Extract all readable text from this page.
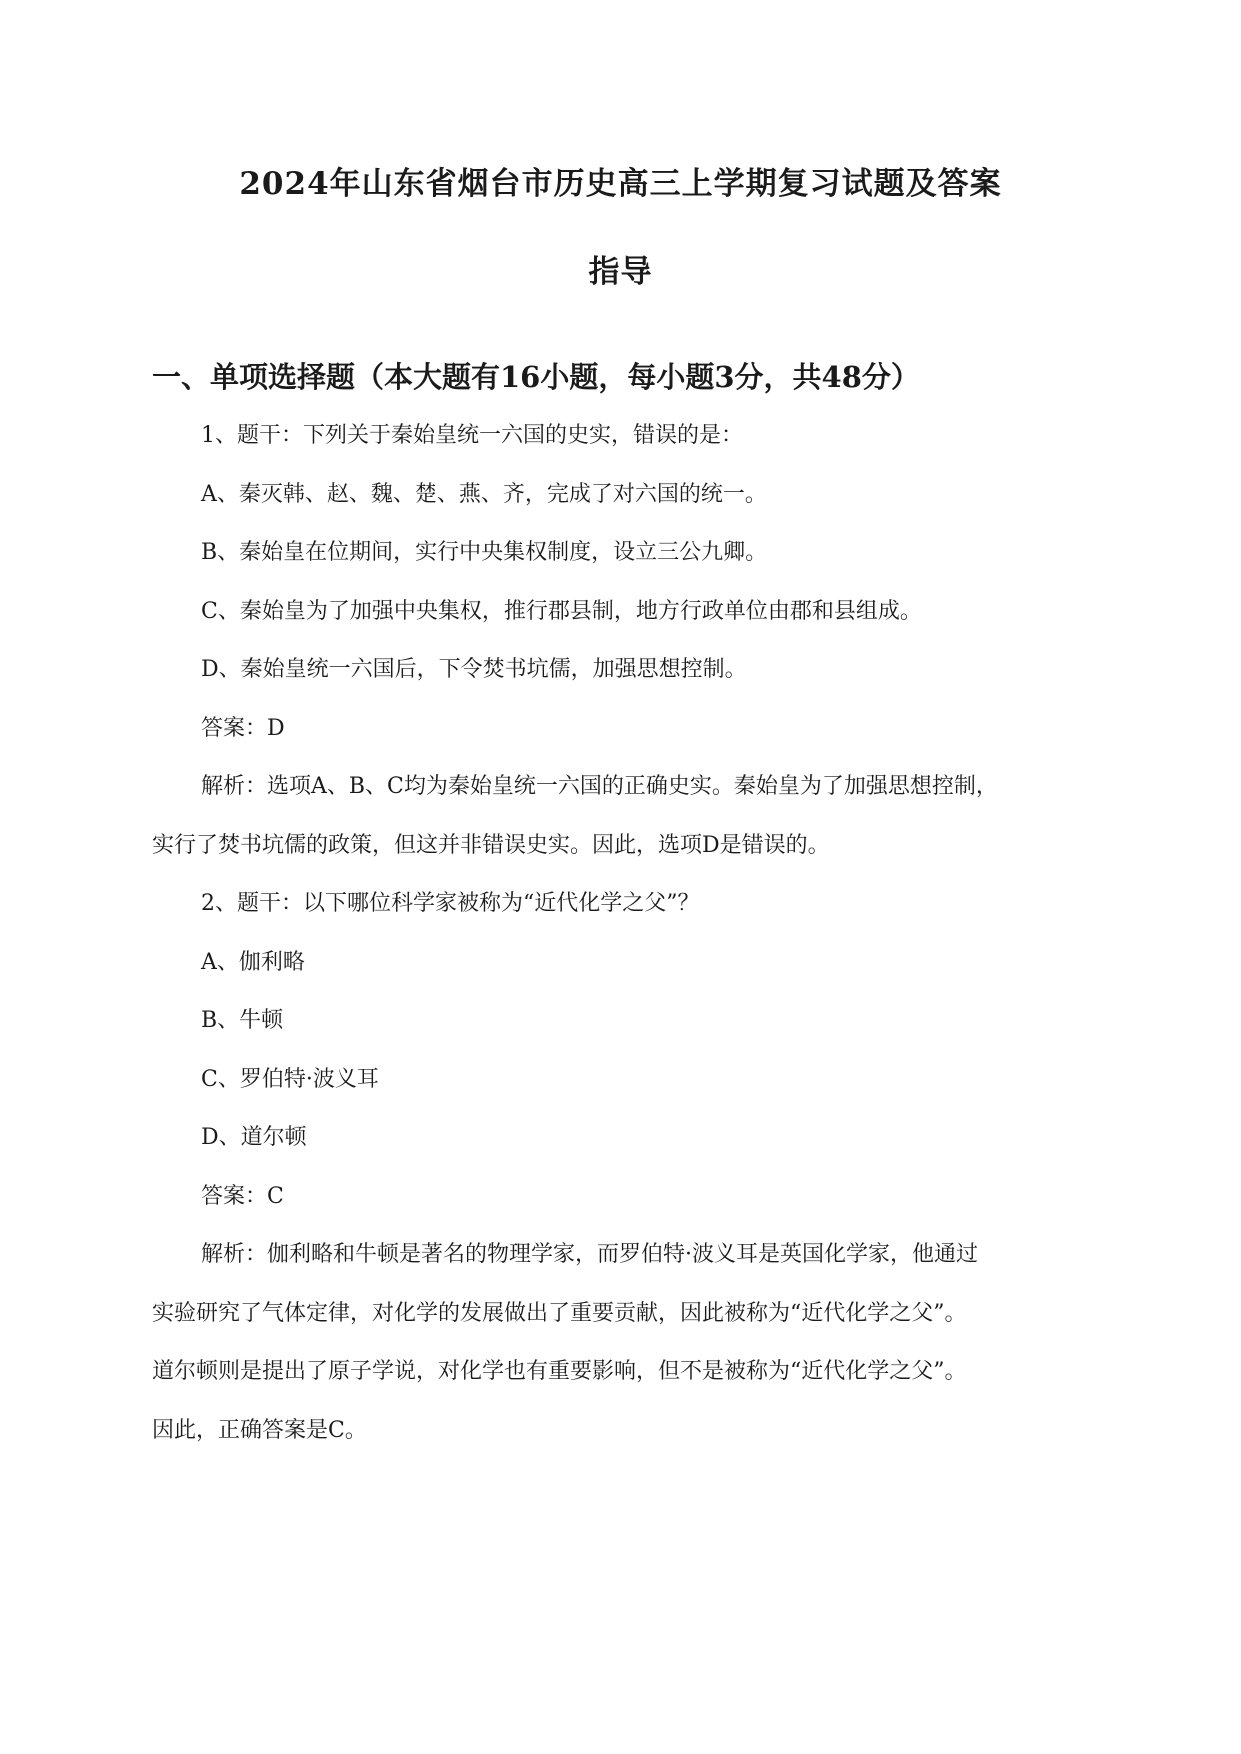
2024年山东省烟台市历史高三上学期复习试题及答案
指导
一、单项选择题（本大题有16小题，每小题3分，共48分）

1、题干：下列关于秦始皇统一六国的史实，错误的是：

A、秦灭韩、赵、魏、楚、燕、齐，完成了对六国的统一。

B、秦始皇在位期间，实行中央集权制度，设立三公九卿。

C、秦始皇为了加强中央集权，推行郡县制，地方行政单位由郡和县组成。

D、秦始皇统一六国后，下令焚书坑儒，加强思想控制。

答案：D

解析：选项A、B、C均为秦始皇统一六国的正确史实。秦始皇为了加强思想控制，

实行了焚书坑儒的政策，但这并非错误史实。因此，选项D是错误的。

2、题干：以下哪位科学家被称为“近代化学之父”？

A、伽利略

B、牛顿

C、罗伯特·波义耳

D、道尔顿

答案：C

解析：伽利略和牛顿是著名的物理学家，而罗伯特·波义耳是英国化学家，他通过

实验研究了气体定律，对化学的发展做出了重要贡献，因此被称为“近代化学之父”。

道尔顿则是提出了原子学说，对化学也有重要影响，但不是被称为“近代化学之父”。

因此，正确答案是C。
